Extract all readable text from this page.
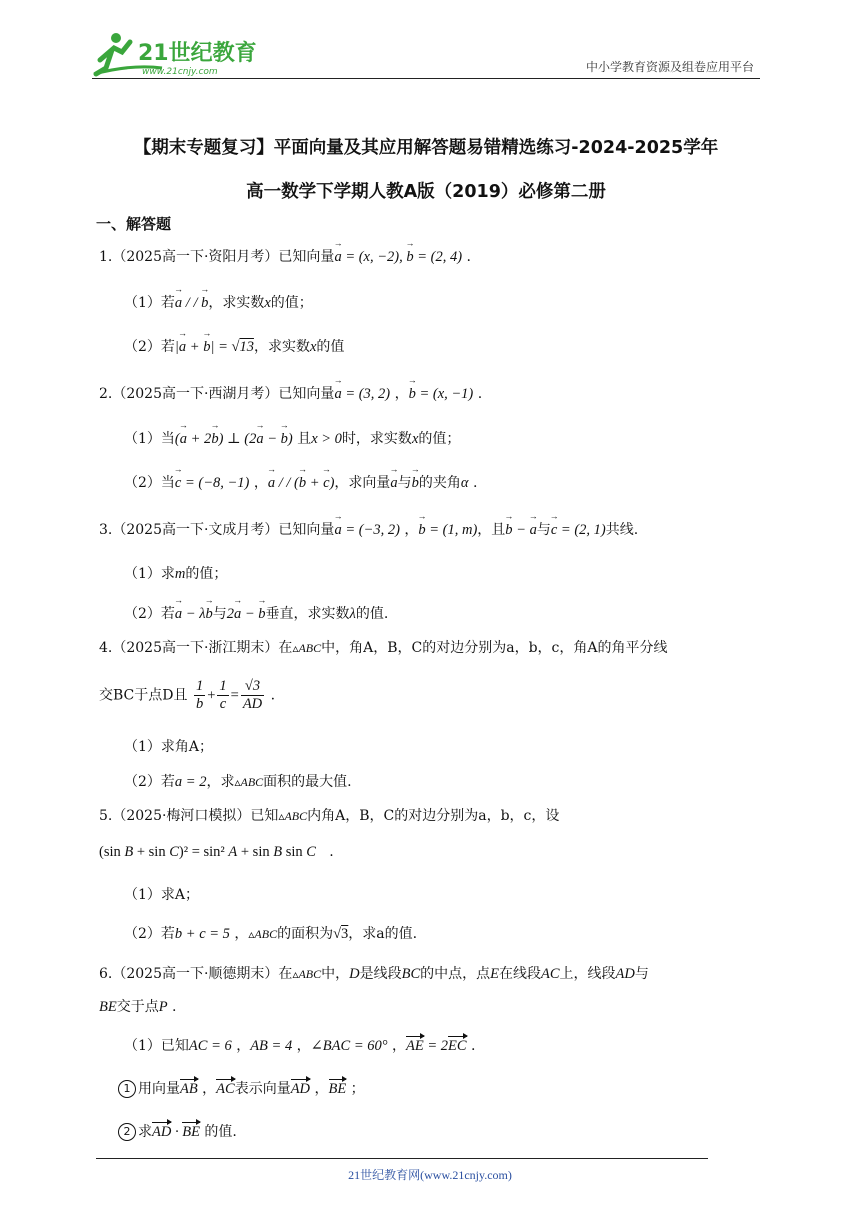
21世纪教育
www.21cnjy.com	中小学教育资源及组卷应用平台
【期末专题复习】平面向量及其应用解答题易错精选练习-2024-2025学年
高一数学下学期人教A版（2019）必修第二册
一、解答题
1.（2025高一下·资阳月考）已知向量a → = (x, −2), b → = (2, 4) .
（1）若a → / / b →，求实数x的值；
（2）若|a → + b →| = √13，求实数x的值
2.（2025高一下·西湖月考）已知向量a → = (3, 2) ，b → = (x, −1) .
（1）当(a → + 2b →) ⊥ (2a → − b →) 且x > 0时，求实数x的值；
（2）当c → = (−8, −1) ，a → / / (b → + c →)，求向量a →与b →的夹角α .
3.（2025高一下·文成月考）已知向量a → = (−3, 2) ，b → = (1, m)，且b → − a →与c → = (2, 1)共线.
（1）求m的值；
（2）若a → − λb →与2a → − b →垂直，求实数λ的值.
4.（2025高一下·浙江期末）在▵ABC中，角A，B，C的对边分别为a，b，c，角A的角平分线
交BC于点D且 $\frac{1}{b} + \frac{1}{c} = \frac{√3}{AD}$ .
（1）求角A；
（2）若a = 2，求▵ABC面积的最大值.
5.（2025·梅河口模拟）已知▵ABC内角A，B，C的对边分别为a，b，c，设
(sin B + sin C)² = sin² A + sin B sin C   .
（1）求A；
（2）若b + c = 5 ，▵ABC的面积为√3，求a的值.
6.（2025高一下·顺德期末）在▵ABC中，D是线段BC的中点，点E在线段AC上，线段AD与
BE交于点P .
（1）已知AC = 6 ，AB = 4 ，∠BAC = 60° ，AE = 2EC .
1 用向量AB ，AC表示向量AD ，BE ；
2 求AD · BE 的值.
21世纪教育网(www.21cnjy.com)
